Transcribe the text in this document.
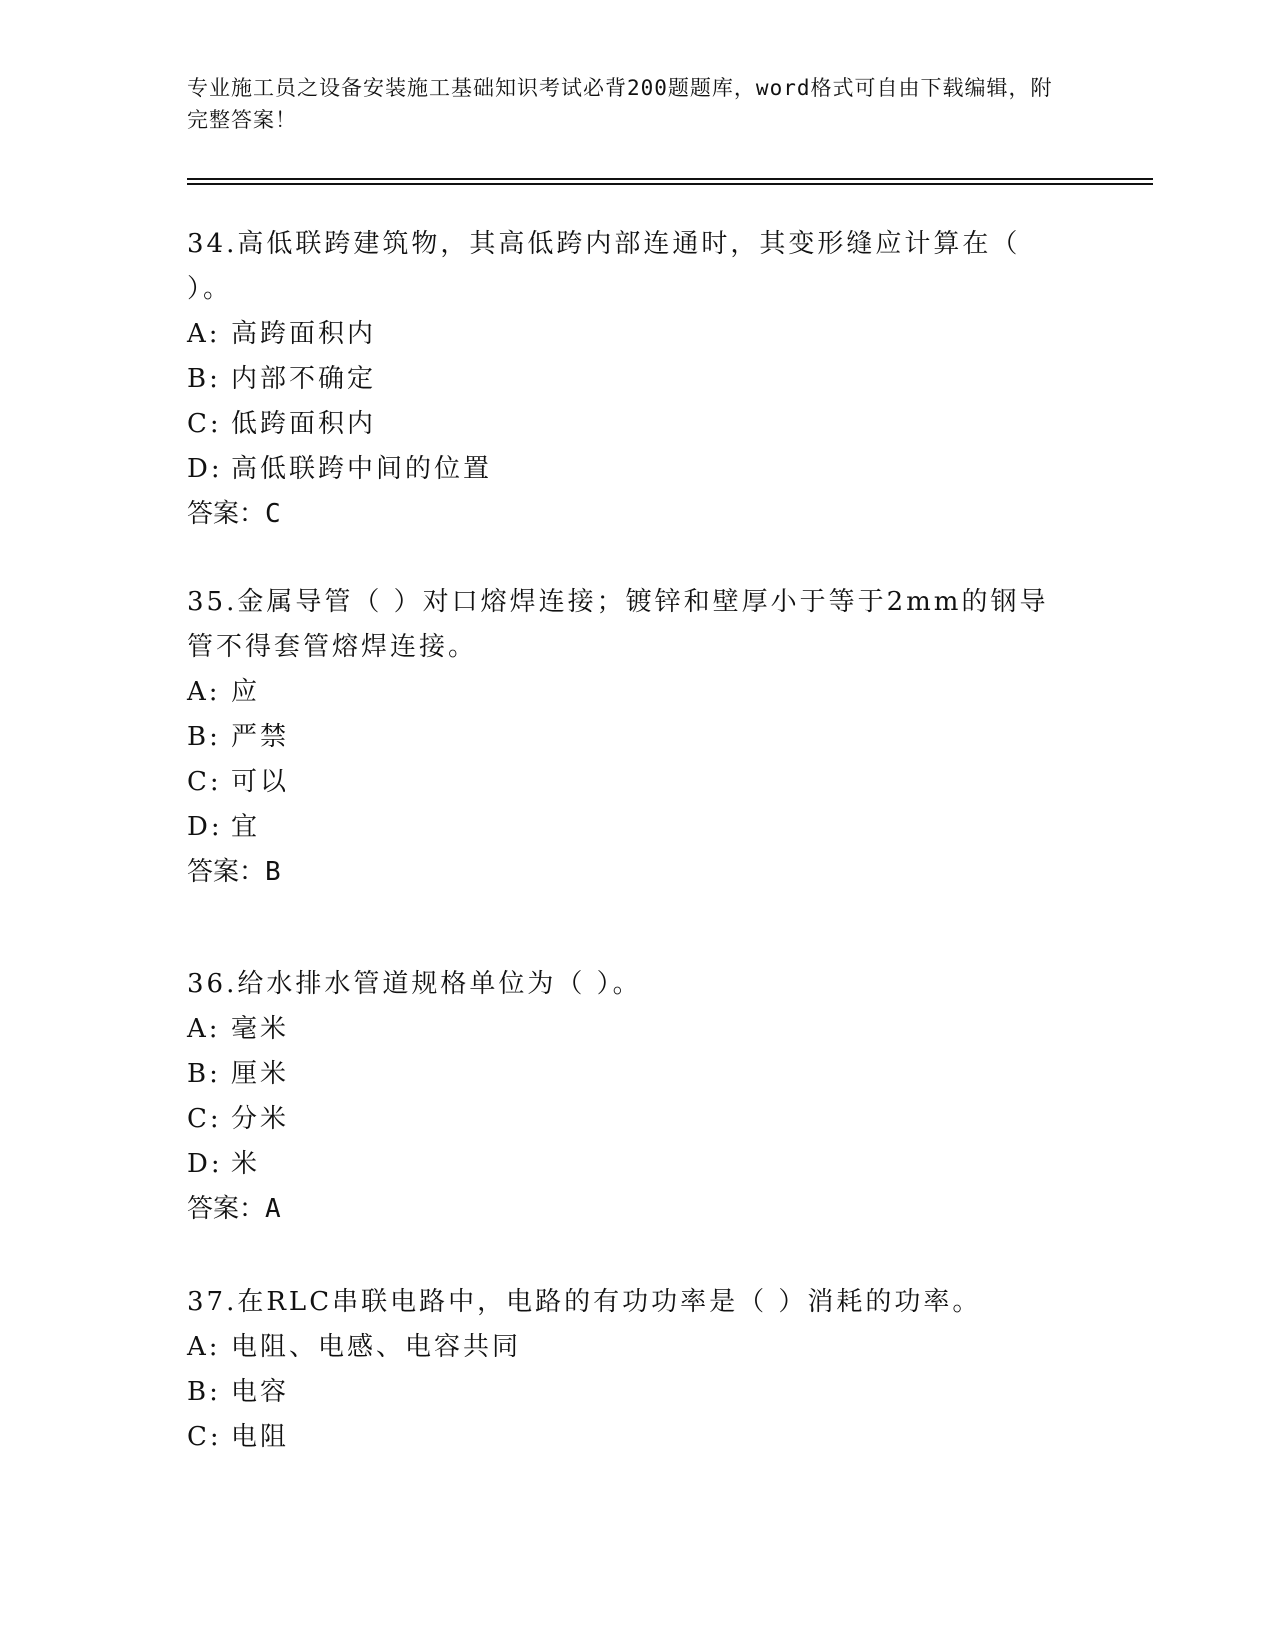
专业施工员之设备安装施工基础知识考试必背200题题库，word格式可自由下载编辑，附完整答案！
34.高低联跨建筑物，其高低跨内部连通时，其变形缝应计算在（ ）。
A: 高跨面积内
B: 内部不确定
C: 低跨面积内
D: 高低联跨中间的位置
答案：C
35.金属导管（ ）对口熔焊连接；镀锌和壁厚小于等于2mm的钢导管不得套管熔焊连接。
A: 应
B: 严禁
C: 可以
D: 宜
答案：B
36.给水排水管道规格单位为（ ）。
A: 毫米
B: 厘米
C: 分米
D: 米
答案：A
37.在RLC串联电路中，电路的有功功率是（ ）消耗的功率。
A: 电阻、电感、电容共同
B: 电容
C: 电阻
